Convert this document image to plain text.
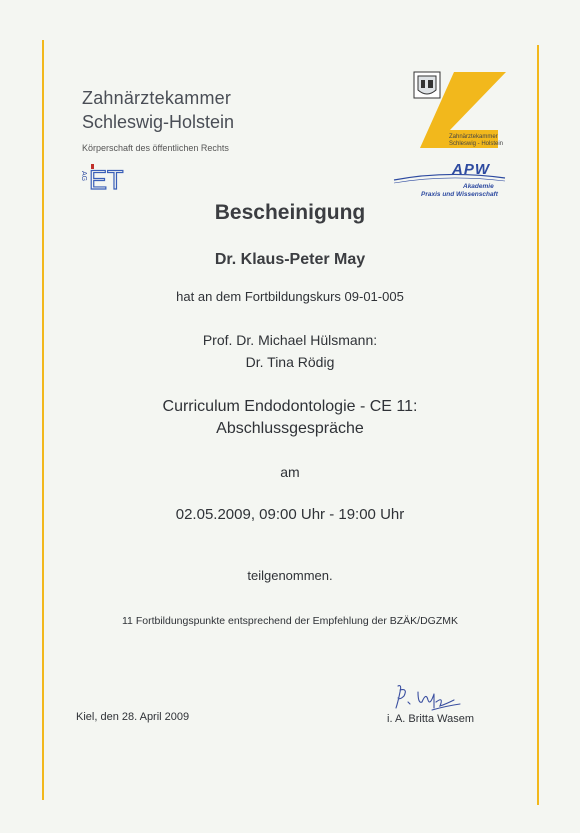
Zahnärztekammer
Schleswig-Holstein
Körperschaft des öffentlichen Rechts
AG ET
Zahnärztekammer
Schleswig - Holstein
APW
Akademie
Praxis und Wissenschaft
Bescheinigung
Dr. Klaus-Peter May
hat an dem Fortbildungskurs 09-01-005
Prof. Dr. Michael Hülsmann:
Dr. Tina Rödig
Curriculum Endodontologie - CE 11:
Abschlussgespräche
am
02.05.2009, 09:00 Uhr - 19:00 Uhr
teilgenommen.
11 Fortbildungspunkte entsprechend der Empfehlung der BZÄK/DGZMK
Kiel, den 28. April 2009	i. A. Britta Wasem
